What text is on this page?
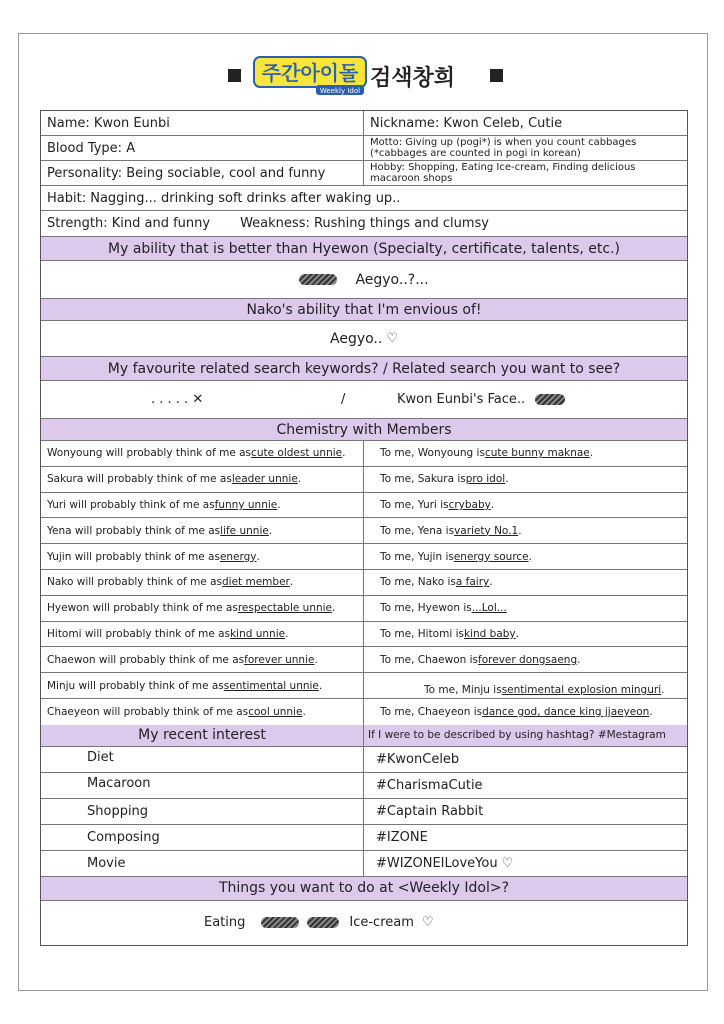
주간아이돌
Weekly Idol 검색창희
Name: Kwon Eunbi	Nickname: Kwon Celeb, Cutie
Blood Type: A	Motto: Giving up (pogi*) is when you count cabbages (*cabbages are counted in pogi in korean)
Personality: Being sociable, cool and funny	Hobby: Shopping, Eating Ice-cream, Finding delicious macaroon shops
Habit: Nagging... drinking soft drinks after waking up..
Strength: Kind and funny Weakness: Rushing things and clumsy
My ability that is better than Hyewon (Specialty, certificate, talents, etc.)
Aegyo..?...
Nako's ability that I'm envious of!
Aegyo.. ♡
My favourite related search keywords? / Related search you want to see?
. . . . . ✕	/	Kwon Eunbi's Face..
Chemistry with Members
Wonyoung will probably think of me as cute oldest unnie .	To me, Wonyoung is cute bunny maknae .
Sakura will probably think of me as leader unnie .	To me, Sakura is pro idol .
Yuri will probably think of me as funny unnie .	To me, Yuri is crybaby .
Yena will probably think of me as life unnie .	To me, Yena is variety No.1 .
Yujin will probably think of me as energy .	To me, Yujin is energy source .
Nako will probably think of me as diet member .	To me, Nako is a fairy .
Hyewon will probably think of me as respectable unnie .	To me, Hyewon is ...Lol...
Hitomi will probably think of me as kind unnie .	To me, Hitomi is kind baby .
Chaewon will probably think of me as forever unnie .	To me, Chaewon is forever dongsaeng .
Minju will probably think of me as sentimental unnie .	To me, Minju is sentimental explosion minguri .
Chaeyeon will probably think of me as cool unnie .	To me, Chaeyeon is dance god, dance king jjaeyeon .
My recent interest	If I were to be described by using hashtag? #Mestagram
Diet	#KwonCeleb
Macaroon	#CharismaCutie
Shopping	#Captain Rabbit
Composing	#IZONE
Movie	#WIZONEILoveYou ♡
Things you want to do at <Weekly Idol>?
Eating	Ice-cream ♡
